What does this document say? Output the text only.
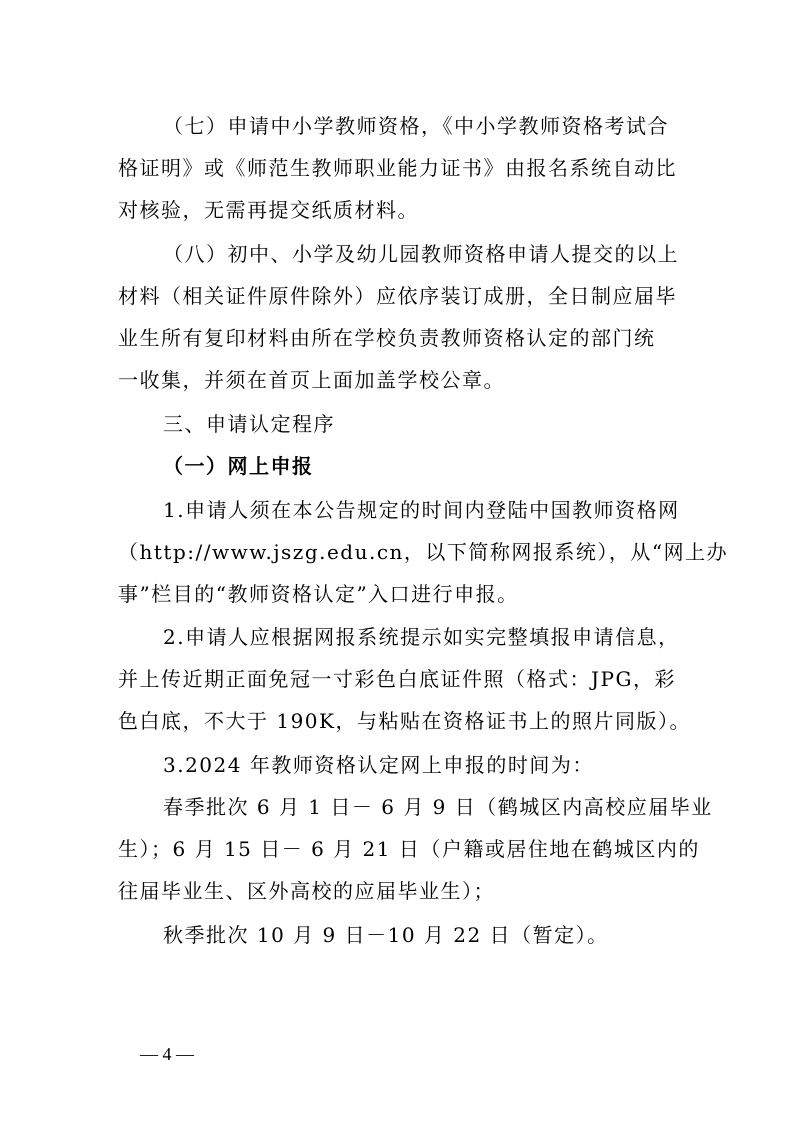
（七）申请中小学教师资格，《中小学教师资格考试合
格证明》或《师范生教师职业能力证书》由报名系统自动比
对核验，无需再提交纸质材料。
（八）初中、小学及幼儿园教师资格申请人提交的以上
材料（相关证件原件除外）应依序装订成册，全日制应届毕
业生所有复印材料由所在学校负责教师资格认定的部门统
一收集，并须在首页上面加盖学校公章。
三、申请认定程序
（一）网上申报
1.申请人须在本公告规定的时间内登陆中国教师资格网
（http://www.jszg.edu.cn，以下简称网报系统），从“网上办
事”栏目的“教师资格认定”入口进行申报。
2.申请人应根据网报系统提示如实完整填报申请信息，
并上传近期正面免冠一寸彩色白底证件照（格式：JPG，彩
色白底，不大于 190K，与粘贴在资格证书上的照片同版）。
3.2024 年教师资格认定网上申报的时间为：
春季批次 6 月 1 日－ 6 月 9 日（鹤城区内高校应届毕业
生）；6 月 15 日－ 6 月 21 日（户籍或居住地在鹤城区内的
往届毕业生、区外高校的应届毕业生）；
秋季批次 10 月 9 日－10 月 22 日（暂定）。
— 4 —
